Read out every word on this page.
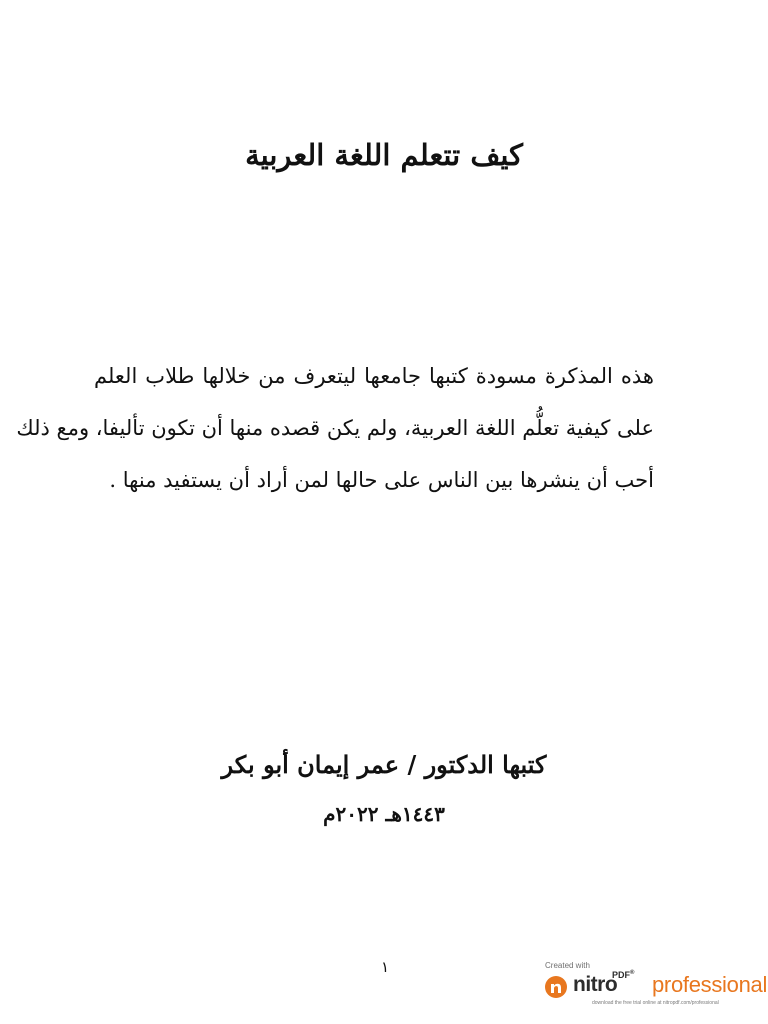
كيف تتعلم اللغة العربية
هذه المذكرة مسودة كتبها جامعها ليتعرف من خلالها طلاب العلم
على كيفية تعلُّم اللغة العربية، ولم يكن قصده منها أن تكون تأليفا، ومع ذلك
أحب أن ينشرها بين الناس على حالها لمن أراد أن يستفيد منها .
كتبها الدكتور / عمر إيمان أبو بكر
١٤٤٣هـ ٢٠٢٢م
١	Created with
nitro
PDF® professional
download the free trial online at nitropdf.com/professional
